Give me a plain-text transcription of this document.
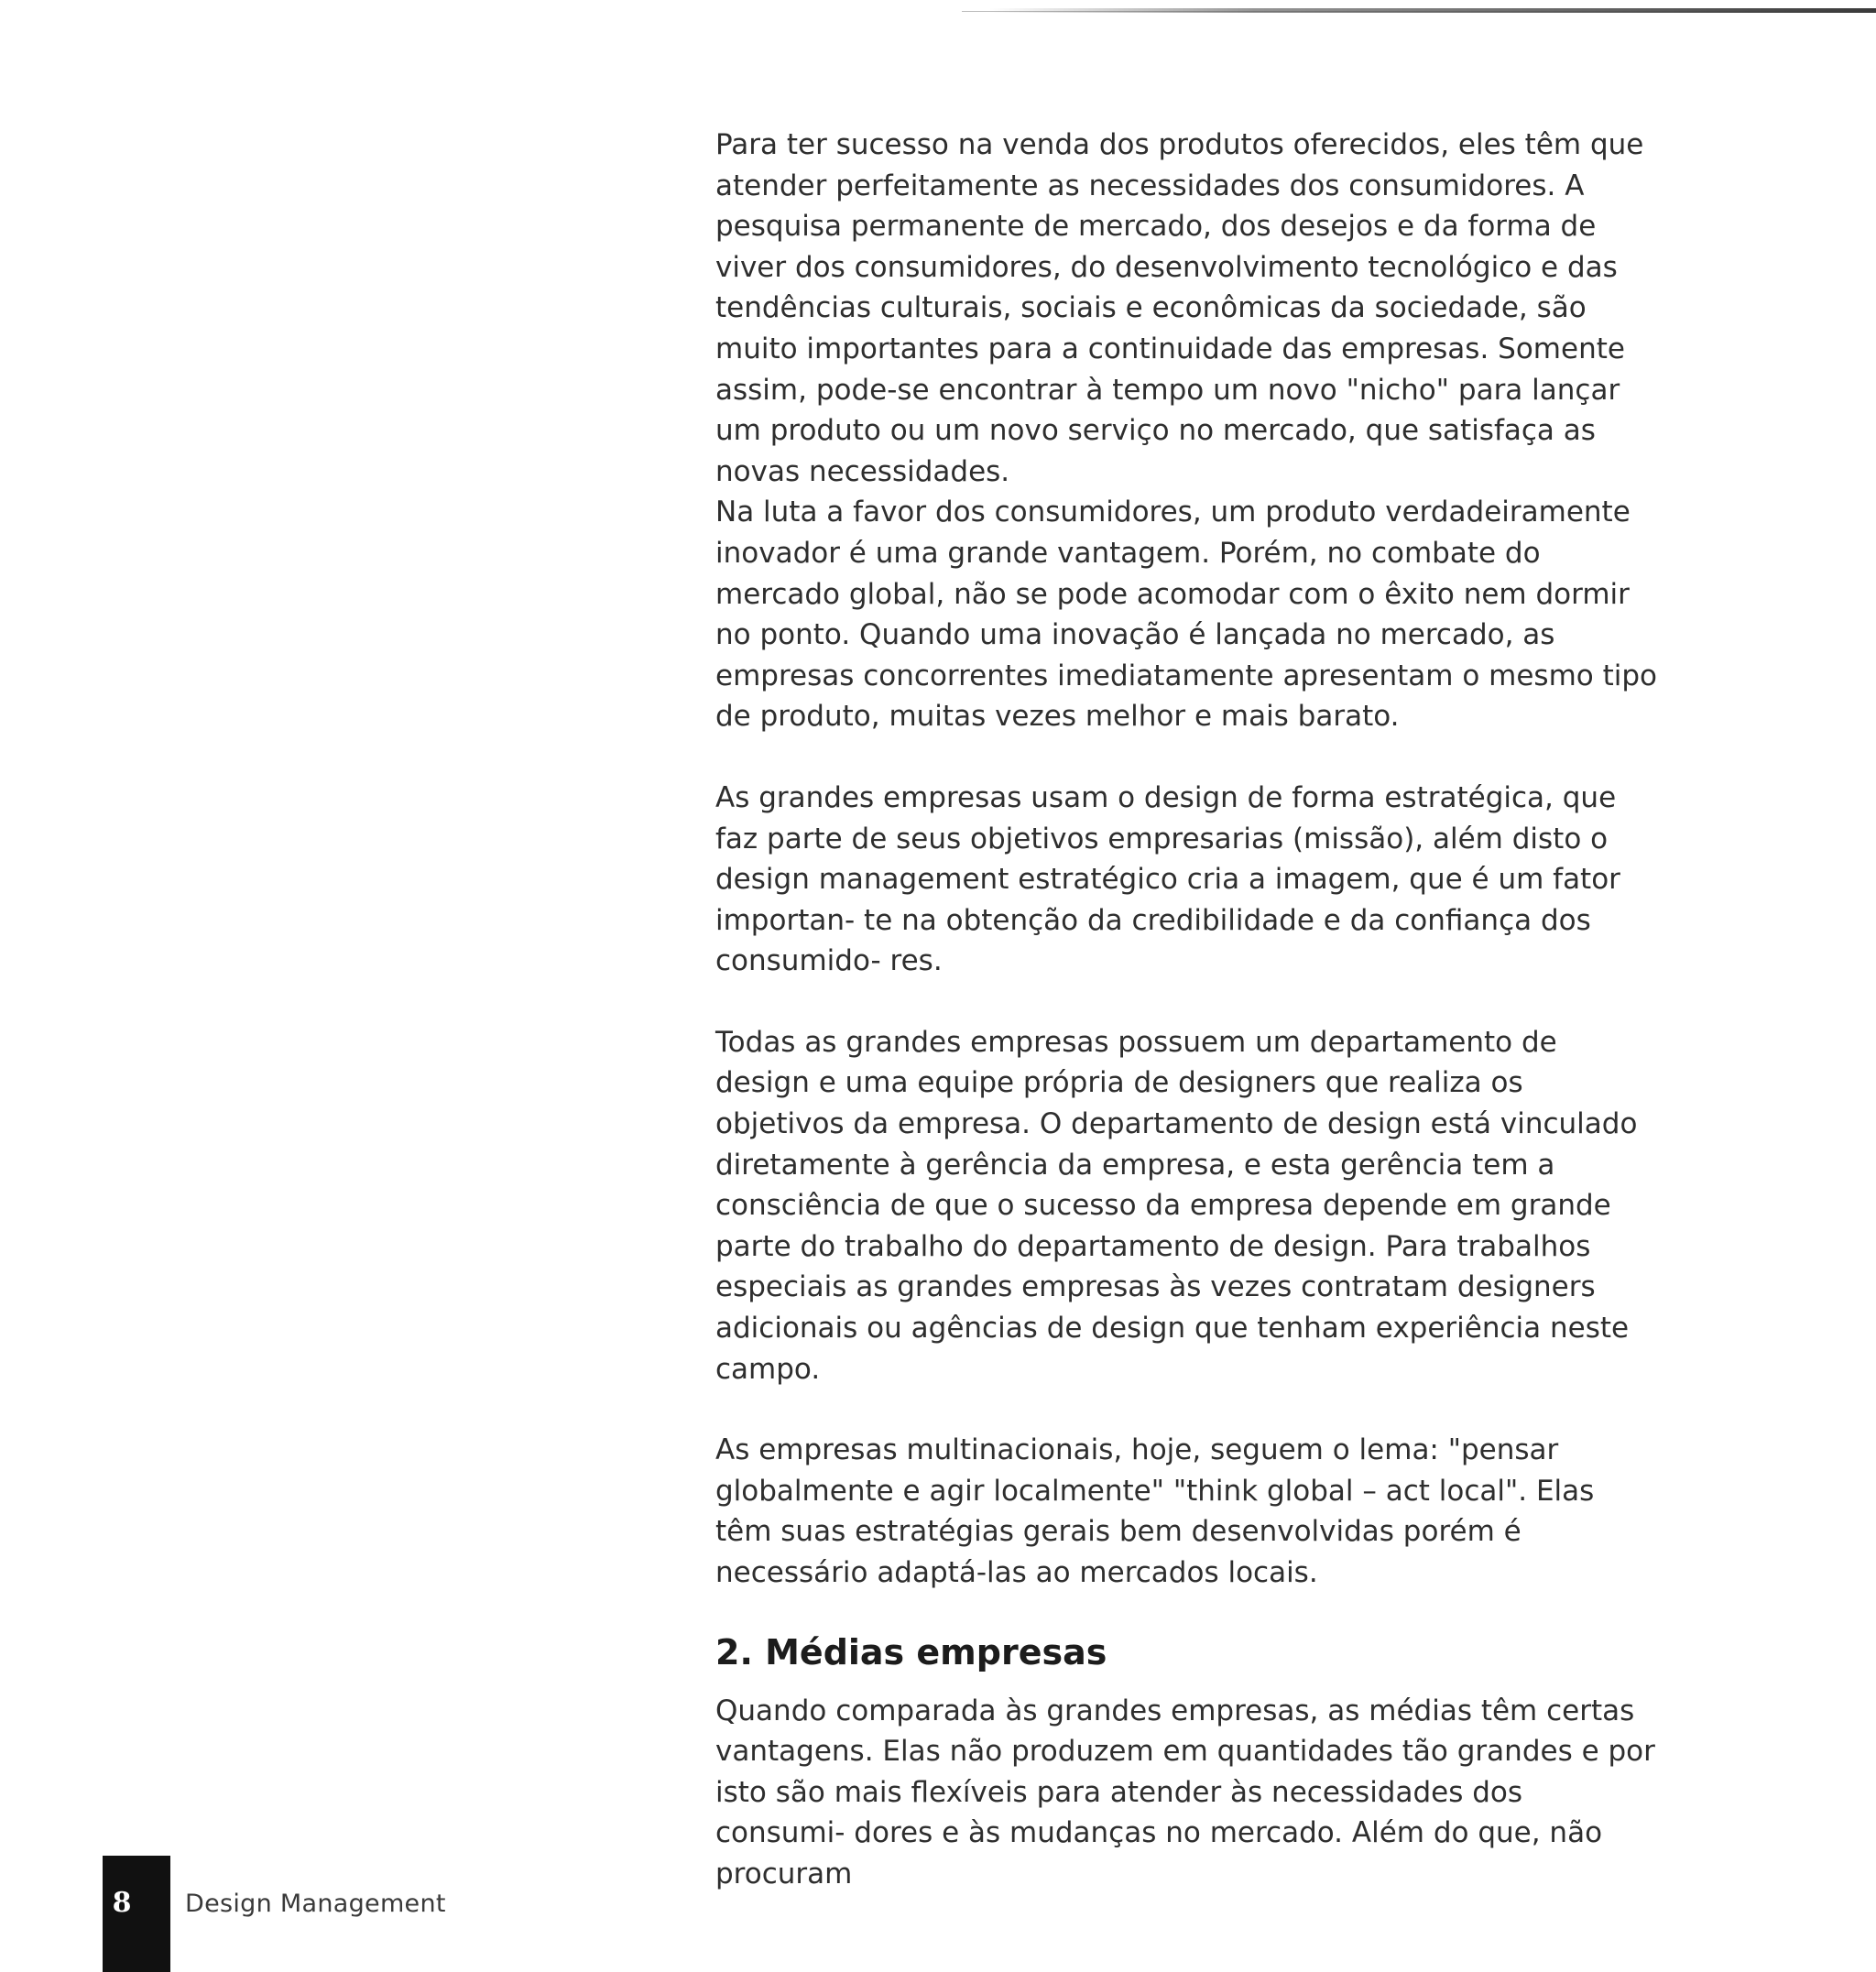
Para ter sucesso na venda dos produtos oferecidos, eles têm que atender perfeitamente as necessidades dos consumidores. A pesquisa permanente de mercado, dos desejos e da forma de viver dos consumidores, do desenvolvimento tecnológico e das tendências culturais, sociais e econômicas da sociedade, são muito importantes para a continuidade das empresas. Somente assim, pode-se encontrar à tempo um novo "nicho" para lançar um produto ou um novo serviço no mercado, que satisfaça as novas necessidades.

Na luta a favor dos consumidores, um produto verdadeiramente inovador é uma grande vantagem. Porém, no combate do mercado global, não se pode acomodar com o êxito nem dormir no ponto. Quando uma inovação é lançada no mercado, as empresas concorrentes imediatamente apresentam o mesmo tipo de produto, muitas vezes melhor e mais barato.

As grandes empresas usam o design de forma estratégica, que faz parte de seus objetivos empresarias (missão), além disto o design management estratégico cria a imagem, que é um fator importan- te na obtenção da credibilidade e da confiança dos consumido- res.

Todas as grandes empresas possuem um departamento de design e uma equipe própria de designers que realiza os objetivos da empresa. O departamento de design está vinculado diretamente à gerência da empresa, e esta gerência tem a consciência de que o sucesso da empresa depende em grande parte do trabalho do departamento de design. Para trabalhos especiais as grandes empresas às vezes contratam designers adicionais ou agências de design que tenham experiência neste campo.

As empresas multinacionais, hoje, seguem o lema: "pensar globalmente e agir localmente" "think global – act local". Elas têm suas estratégias gerais bem desenvolvidas porém é necessário adaptá-las ao mercados locais.

2. Médias empresas

Quando comparada às grandes empresas, as médias têm certas vantagens. Elas não produzem em quantidades tão grandes e por isto são mais flexíveis para atender às necessidades dos consumi- dores e às mudanças no mercado. Além do que, não procuram

8	Design Management
